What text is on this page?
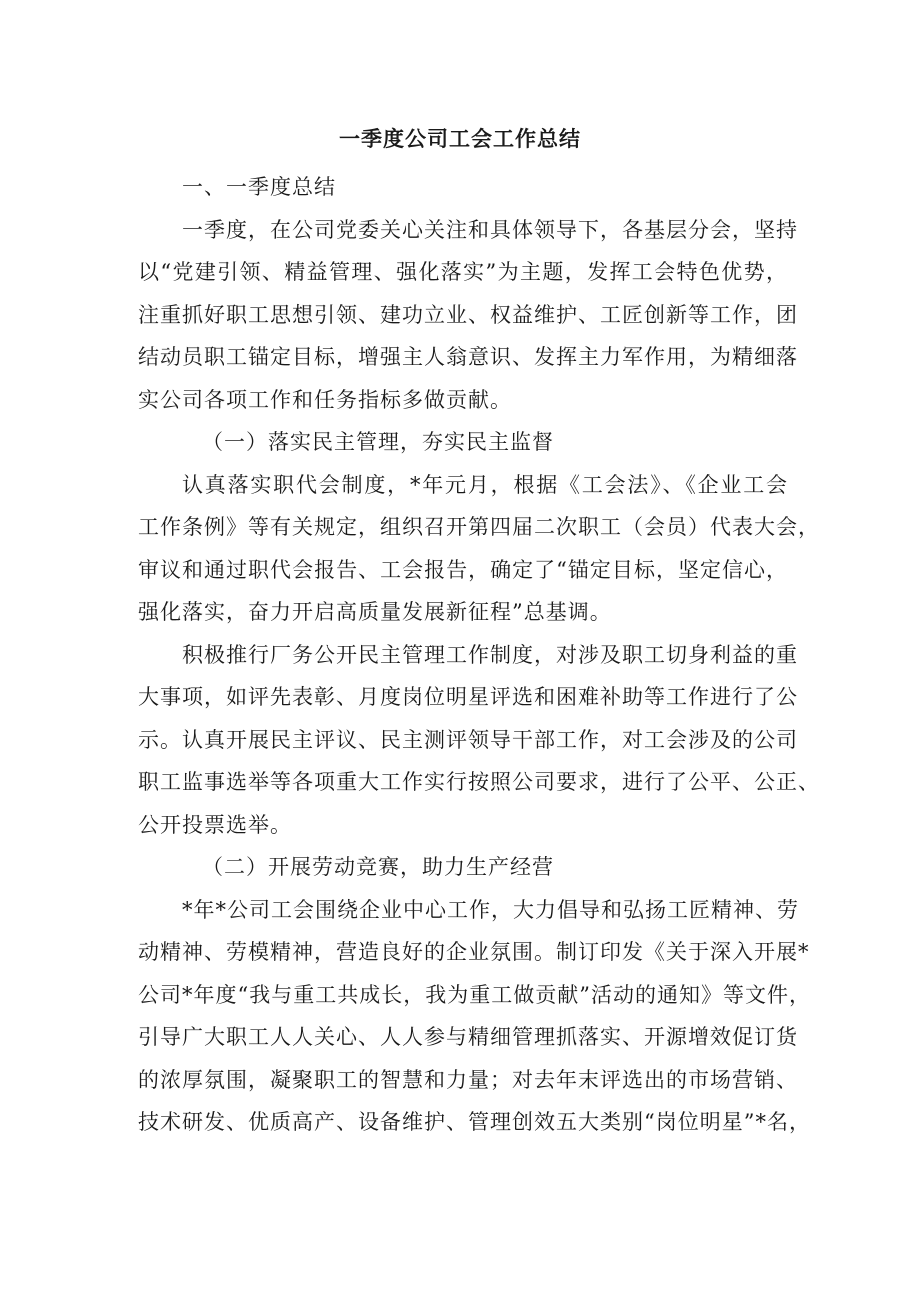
一季度公司工会工作总结
一、一季度总结
一季度，在公司党委关心关注和具体领导下，各基层分会，坚持
以“党建引领、精益管理、强化落实”为主题，发挥工会特色优势，
注重抓好职工思想引领、建功立业、权益维护、工匠创新等工作，团
结动员职工锚定目标，增强主人翁意识、发挥主力军作用，为精细落
实公司各项工作和任务指标多做贡献。
（一）落实民主管理，夯实民主监督
认真落实职代会制度，*年元月，根据《工会法》、《企业工会
工作条例》等有关规定，组织召开第四届二次职工（会员）代表大会，
审议和通过职代会报告、工会报告，确定了“锚定目标，坚定信心，
强化落实，奋力开启高质量发展新征程”总基调。
积极推行厂务公开民主管理工作制度，对涉及职工切身利益的重
大事项，如评先表彰、月度岗位明星评选和困难补助等工作进行了公
示。认真开展民主评议、民主测评领导干部工作，对工会涉及的公司
职工监事选举等各项重大工作实行按照公司要求，进行了公平、公正、
公开投票选举。
（二）开展劳动竞赛，助力生产经营
*年*公司工会围绕企业中心工作，大力倡导和弘扬工匠精神、劳
动精神、劳模精神，营造良好的企业氛围。制订印发《关于深入开展*
公司*年度“我与重工共成长，我为重工做贡献”活动的通知》等文件，
引导广大职工人人关心、人人参与精细管理抓落实、开源增效促订货
的浓厚氛围，凝聚职工的智慧和力量；对去年末评选出的市场营销、
技术研发、优质高产、设备维护、管理创效五大类别“岗位明星”*名，
